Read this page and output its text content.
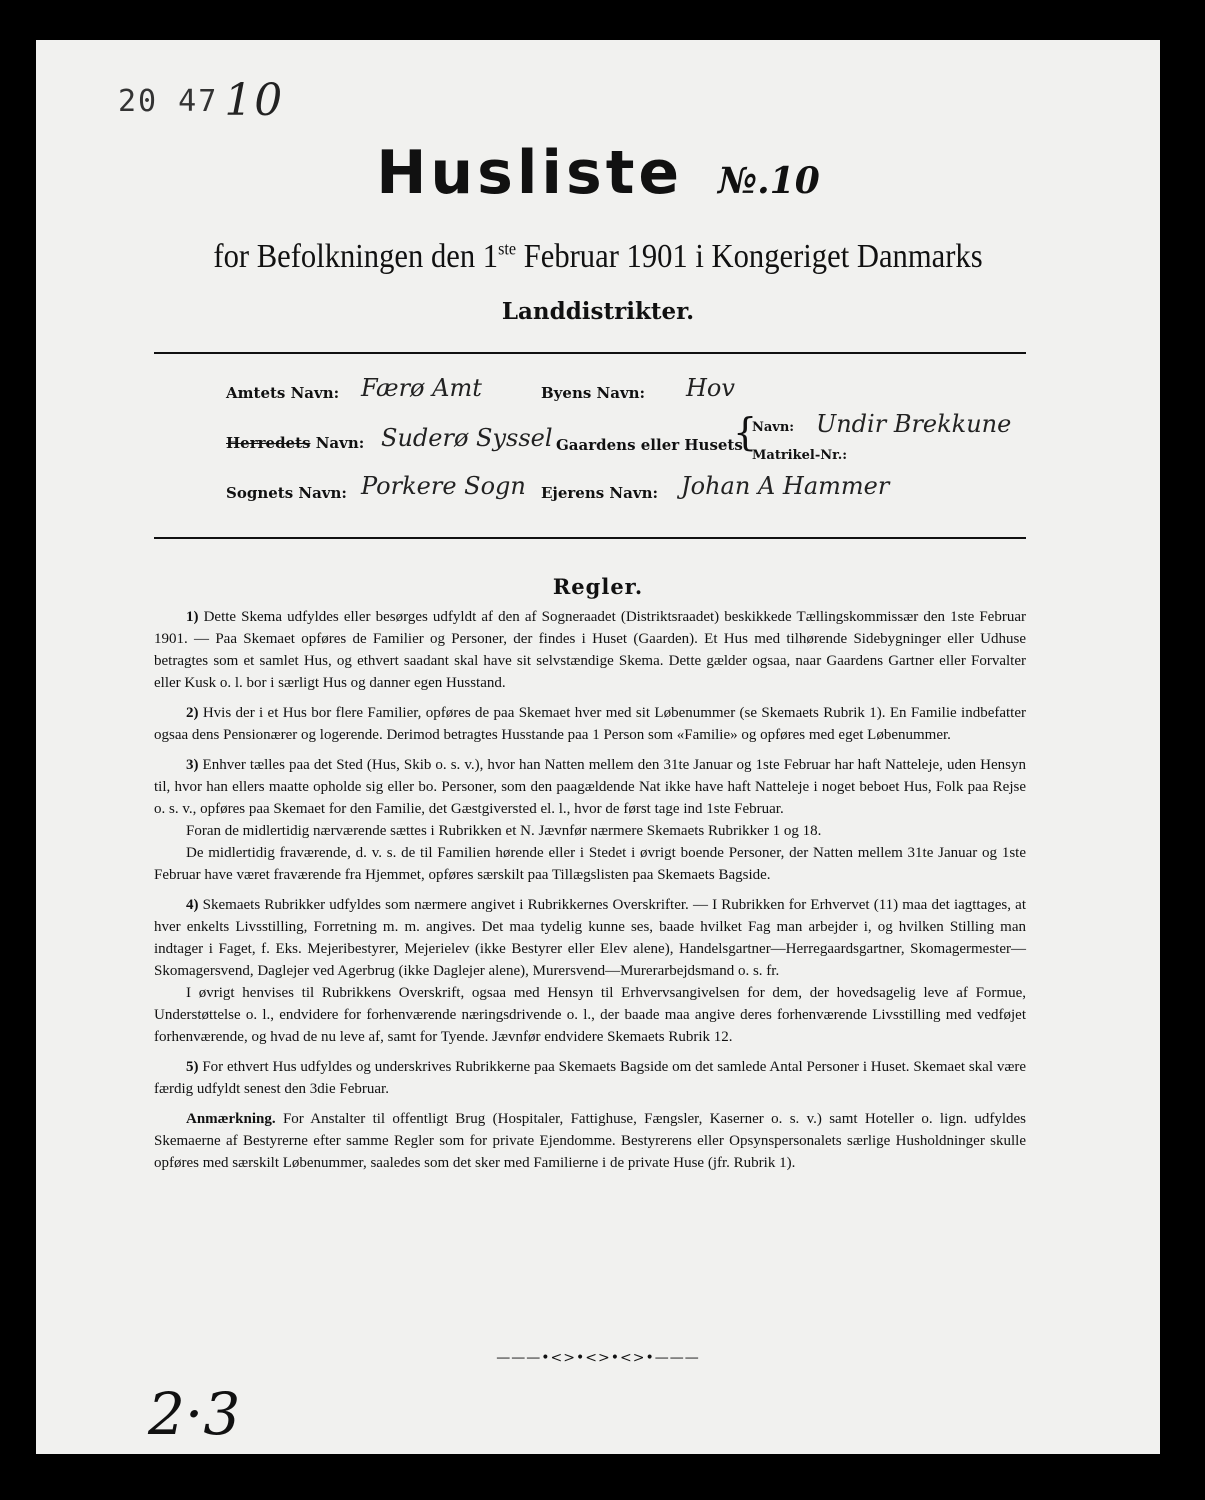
20 47 10
Husliste №.10
for Befolkningen den 1ste Februar 1901 i Kongeriget Danmarks
Landdistrikter.
Amtets Navn: Færø Amt	Byens Navn: Hov
Herredets Navn: Suderø Syssel Gaardens eller Husets
{
Navn: Undir Brekkune
Matrikel-Nr.:
Sognets Navn: Porkere Sogn Ejerens Navn: Johan A Hammer
Regler.

1) Dette Skema udfyldes eller besørges udfyldt af den af Sogneraadet (Distriktsraadet) beskikkede Tællingskommissær den 1ste Februar 1901. — Paa Skemaet opføres de Familier og Personer, der findes i Huset (Gaarden). Et Hus med tilhørende Sidebygninger eller Udhuse betragtes som et samlet Hus, og ethvert saadant skal have sit selvstændige Skema. Dette gælder ogsaa, naar Gaardens Gartner eller Forvalter eller Kusk o. l. bor i særligt Hus og danner egen Husstand.

2) Hvis der i et Hus bor flere Familier, opføres de paa Skemaet hver med sit Løbenummer (se Skemaets Rubrik 1). En Familie indbefatter ogsaa dens Pensionærer og logerende. Derimod betragtes Husstande paa 1 Person som «Familie» og opføres med eget Løbenummer.

3) Enhver tælles paa det Sted (Hus, Skib o. s. v.), hvor han Natten mellem den 31te Januar og 1ste Februar har haft Natteleje, uden Hensyn til, hvor han ellers maatte opholde sig eller bo. Personer, som den paagældende Nat ikke have haft Natteleje i noget beboet Hus, Folk paa Rejse o. s. v., opføres paa Skemaet for den Familie, det Gæstgiversted el. l., hvor de først tage ind 1ste Februar.

Foran de midlertidig nærværende sættes i Rubrikken et N. Jævnfør nærmere Skemaets Rubrikker 1 og 18.

De midlertidig fraværende, d. v. s. de til Familien hørende eller i Stedet i øvrigt boende Personer, der Natten mellem 31te Januar og 1ste Februar have været fraværende fra Hjemmet, opføres særskilt paa Tillægslisten paa Skemaets Bagside.

4) Skemaets Rubrikker udfyldes som nærmere angivet i Rubrikkernes Overskrifter. — I Rubrikken for Erhvervet (11) maa det iagttages, at hver enkelts Livsstilling, Forretning m. m. angives. Det maa tydelig kunne ses, baade hvilket Fag man arbejder i, og hvilken Stilling man indtager i Faget, f. Eks. Mejeribestyrer, Mejerielev (ikke Bestyrer eller Elev alene), Handelsgartner—Herregaardsgartner, Skomagermester—Skomagersvend, Daglejer ved Agerbrug (ikke Daglejer alene), Murersvend—Murerarbejdsmand o. s. fr.

I øvrigt henvises til Rubrikkens Overskrift, ogsaa med Hensyn til Erhvervsangivelsen for dem, der hovedsagelig leve af Formue, Understøttelse o. l., endvidere for forhenværende næringsdrivende o. l., der baade maa angive deres forhenværende Livsstilling med vedføjet forhenværende, og hvad de nu leve af, samt for Tyende. Jævnfør endvidere Skemaets Rubrik 12.

5) For ethvert Hus udfyldes og underskrives Rubrikkerne paa Skemaets Bagside om det samlede Antal Personer i Huset. Skemaet skal være færdig udfyldt senest den 3die Februar.

Anmærkning. For Anstalter til offentligt Brug (Hospitaler, Fattighuse, Fængsler, Kaserner o. s. v.) samt Hoteller o. lign. udfyldes Skemaerne af Bestyrerne efter samme Regler som for private Ejendomme. Bestyrerens eller Opsynspersonalets særlige Husholdninger skulle opføres med særskilt Løbenummer, saaledes som det sker med Familierne i de private Huse (jfr. Rubrik 1).

———•<>•<>•<>•———
2·3
